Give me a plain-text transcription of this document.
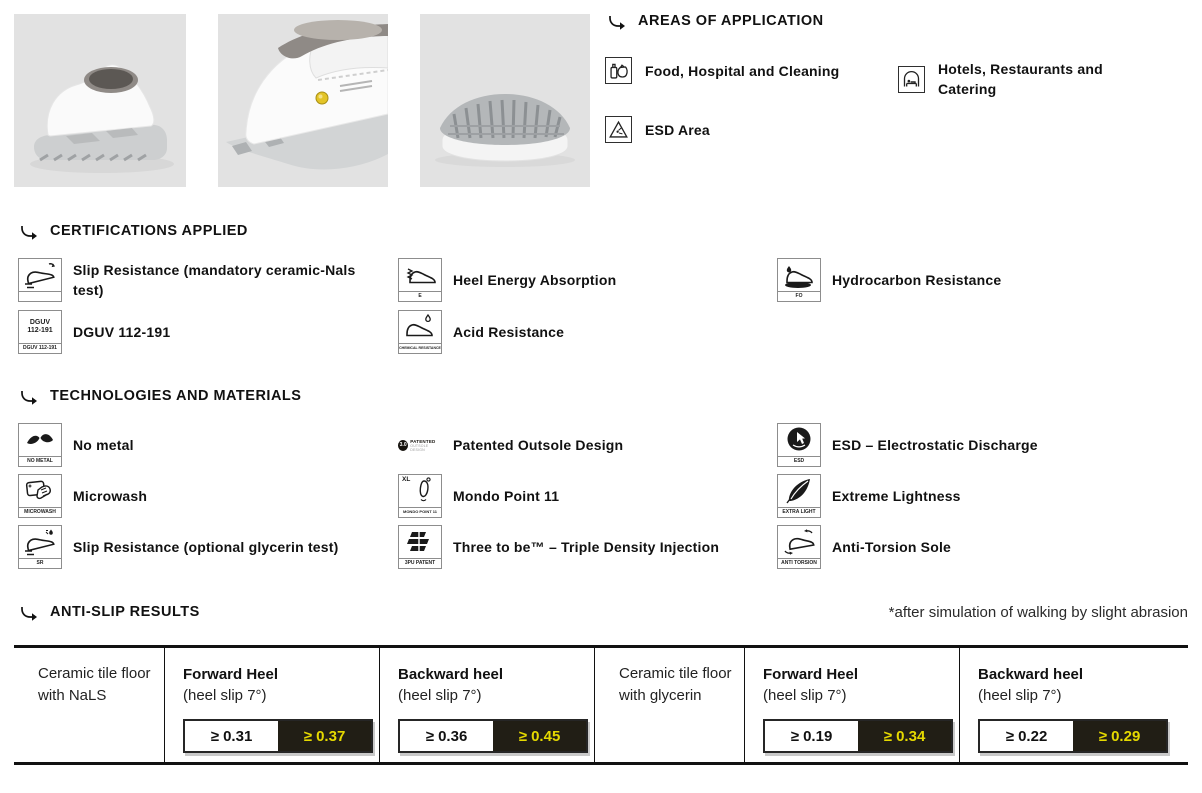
AREAS OF APPLICATION
Food, Hospital and Cleaning	Hotels, Restaurants and Catering
ESD Area
CERTIFICATIONS APPLIED
Slip Resistance (mandatory ceramic-Nals test)	E
Heel Energy Absorption
FO
Hydrocarbon Resistance
DGUV
112-191
DGUV 112-191
DGUV 112-191
CHEMICAL RESISTANCE
Acid Resistance
TECHNOLOGIES AND MATERIALS
NO METAL
No metal
MICROWASH
Microwash
SR
Slip Resistance (optional glycerin test)
3.0
PATENTED
OUTSOLE DESIGN	Patented Outsole Design
XL
MONDO POINT 11
Mondo Point 11
3PU PATENT
Three to be™ – Triple Density Injection
ESD
ESD – Electrostatic Discharge
EXTRA LIGHT
Extreme Lightness
ANTI TORSION
Anti-Torsion Sole
ANTI-SLIP RESULTS	*after simulation of walking by slight abrasion
Ceramic tile floor with NaLS
Forward Heel
(heel slip 7°)
≥ 0.31	≥ 0.37
Backward heel
(heel slip 7°)
≥ 0.36	≥ 0.45
Ceramic tile floor with glycerin
Forward Heel
(heel slip 7°)
≥ 0.19	≥ 0.34
Backward heel
(heel slip 7°)
≥ 0.22	≥ 0.29
